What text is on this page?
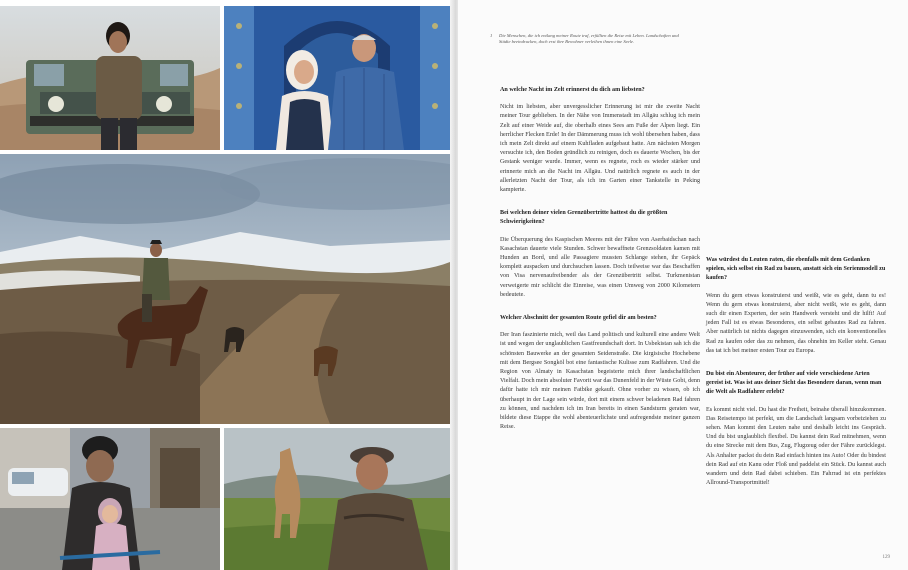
1	Die Menschen, die ich entlang meiner Route traf, erfüllten die Reise mit Leben. Landschaften und Städte beeindrucken, doch erst ihre Bewohner verleihen ihnen eine Seele.

An welche Nacht im Zelt erinnerst du dich am liebsten?

Nicht im liebsten, aber unvergesslicher Erinnerung ist mir die zweite Nacht meiner Tour geblieben. In der Nähe von Immenstadt im Allgäu schlug ich mein Zelt auf einer Weide auf, die oberhalb eines Sees am Fuße der Alpen liegt. Ein herrlicher Flecken Erde! In der Dämmerung muss ich wohl übersehen haben, dass ich mein Zelt direkt auf einem Kuhfladen aufgebaut hatte. Am nächsten Morgen versuchte ich, den Boden gründlich zu reinigen, doch es dauerte Wochen, bis der Gestank weniger wurde. Immer, wenn es regnete, roch es wieder stärker und erinnerte mich an die Nacht im Allgäu. Und natürlich regnete es auch in der allerletzten Nacht der Tour, als ich im Garten einer Tankstelle in Peking kampierte.

Bei welchen deiner vielen Grenzübertritte hattest du die größten Schwierigkeiten?

Die Überquerung des Kaspischen Meeres mit der Fähre von Aserbaidschan nach Kasachstan dauerte viele Stunden. Schwer bewaffnete Grenzsoldaten kamen mit Hunden an Bord, und alle Passagiere mussten Schlange stehen, ihr Gepäck komplett auspacken und durchsuchen lassen. Doch teilweise war das Beschaffen von Visa nervenaufreibender als der Grenzübertritt selbst. Turkmenistan verweigerte mir schlicht die Einreise, was einen Umweg von 2000 Kilometern bedeutete.

Welcher Abschnitt der gesamten Route gefiel dir am besten?

Der Iran faszinierte mich, weil das Land politisch und kulturell eine andere Welt ist und wegen der unglaublichen Gastfreundschaft dort. In Usbekistan sah ich die schönsten Bauwerke an der gesamten Seidenstraße. Die kirgisische Hochebene mit dem Bergsee Songköl bot eine fantastische Kulisse zum Radfahren. Und die Region von Almaty in Kasachstan begeisterte mich ihrer landschaftlichen Vielfalt. Doch mein absoluter Favorit war das Dunenfeld in der Wüste Gobi, denn dafür hatte ich mir meinen Fatbike gekauft. Ohne vorher zu wissen, ob ich überhaupt in der Lage sein würde, dort mit einem schwer beladenen Rad fahren zu können, und nachdem ich im Iran bereits in einen Sandsturm geraten war, bildete diese Etappe die wohl abenteuerlichste und aufregendste meiner ganzen Reise.

Was würdest du Leuten raten, die ebenfalls mit dem Gedanken spielen, sich selbst ein Rad zu bauen, anstatt sich ein Serienmodell zu kaufen?

Wenn du gern etwas konstruierst und weißt, wie es geht, dann tu es! Wenn du gern etwas konstruierst, aber nicht weißt, wie es geht, dann such dir einen Experten, der sein Handwerk versteht und dir hilft! Auf jeden Fall ist es etwas Besonderes, ein selbst gebautes Rad zu fahren. Aber natürlich ist nichts dagegen einzuwenden, sich ein konventionelles Rad zu kaufen oder das zu nehmen, das ohnehin im Keller steht. Genau das tat ich bei meiner ersten Tour zu Europa.

Du bist ein Abenteurer, der früher auf viele verschiedene Arten gereist ist. Was ist aus deiner Sicht das Besondere daran, wenn man die Welt als Radfahrer erlebt?

Es kommt nicht viel. Du hast die Freiheit, beinahe überall hinzukommen. Das Reisetempo ist perfekt, um die Landschaft langsam vorbeiziehen zu sehen. Man kommt den Leuten nahe und deshalb leicht ins Gespräch. Und du bist unglaublich flexibel. Du kannst dein Rad mitnehmen, wenn du eine Strecke mit dem Bus, Zug, Flugzeug oder der Fähre zurücklegst. Als Anhalter packst du dein Rad einfach hinten ins Auto! Oder du bindest dein Rad auf ein Kanu oder Floß und paddelst ein Stück. Du kannst auch wandern und dein Rad dabei schieben. Ein Fahrrad ist ein perfektes Allround-Transportmittel!

129
